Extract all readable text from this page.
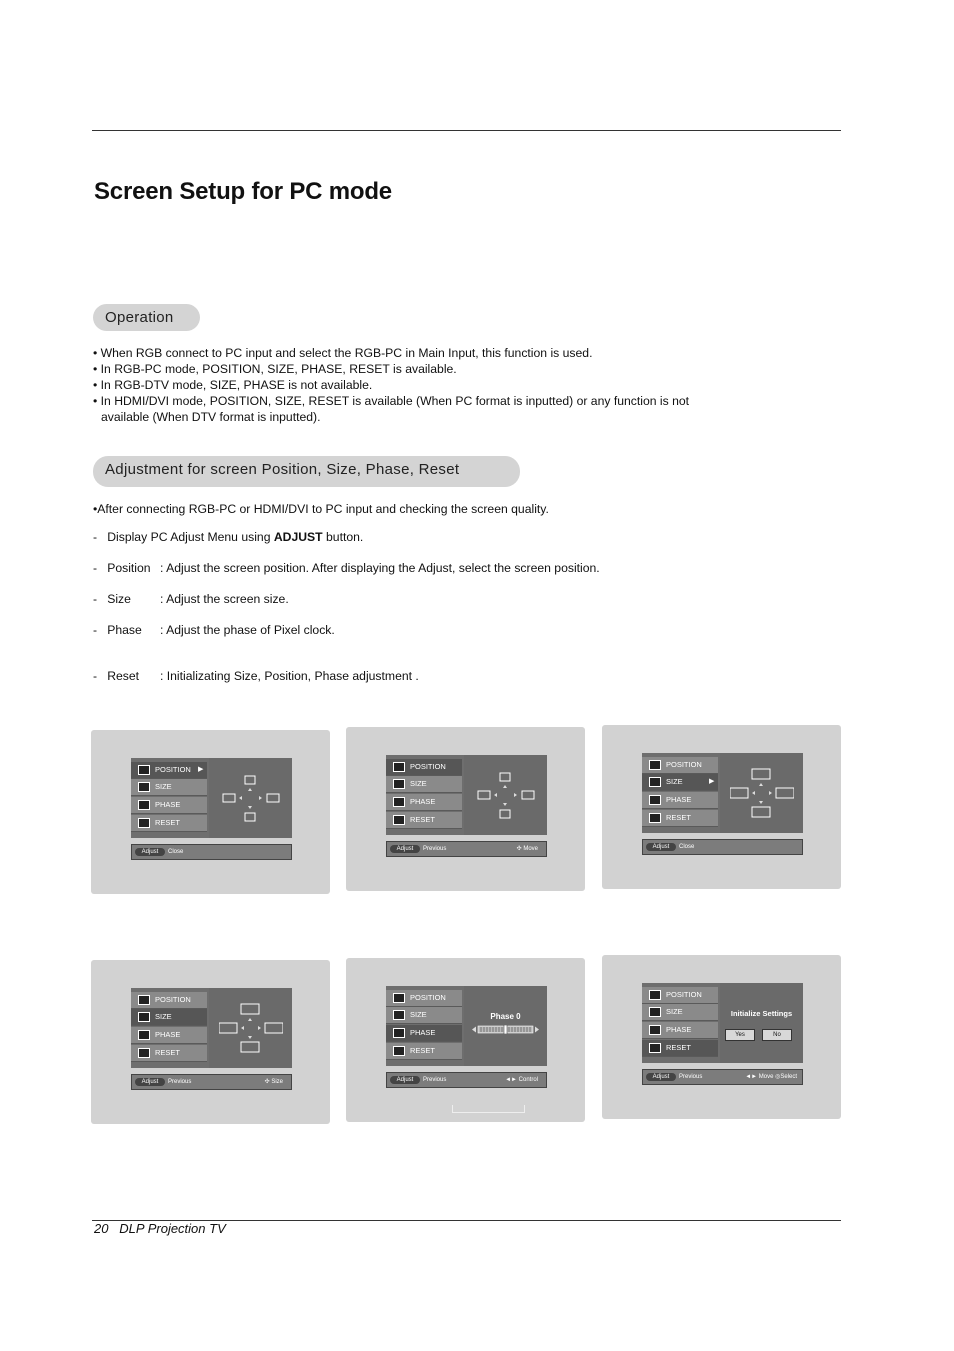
Screen Setup for PC mode
Operation
• When RGB connect to PC input and select the RGB-PC in Main Input, this function is used.
• In RGB-PC mode, POSITION, SIZE, PHASE, RESET is available.
• In RGB-DTV mode, SIZE, PHASE is not available.
• In HDMI/DVI mode, POSITION, SIZE, RESET is available (When PC format is inputted) or any function is not
available (When DTV format is inputted).
Adjustment for screen Position, Size, Phase, Reset
•After connecting RGB-PC or HDMI/DVI to PC input and checking the screen quality.
-   Display PC Adjust Menu using ADJUST button.
-   Position : Adjust the screen position. After displaying the Adjust, select the screen position.
-   Size : Adjust the screen size.
-   Phase : Adjust the phase of Pixel clock.
-   Reset : Initializating Size, Position, Phase adjustment .
POSITION ▶
SIZE
PHASE
RESET
Adjust	Close
POSITION
SIZE
PHASE
RESET
Adjust	Previous	✣ Move
POSITION
SIZE	▶
PHASE
RESET
Adjust	Close
POSITION
SIZE
PHASE
RESET
Adjust	Previous	✣ Size
POSITION
SIZE
PHASE
RESET
Phase 0
Adjust	Previous	◄► Control
POSITION
SIZE
PHASE
RESET
Initialize Settings
Yes	No
Adjust	Previous	◄► Move ◎Select
20   DLP Projection TV
